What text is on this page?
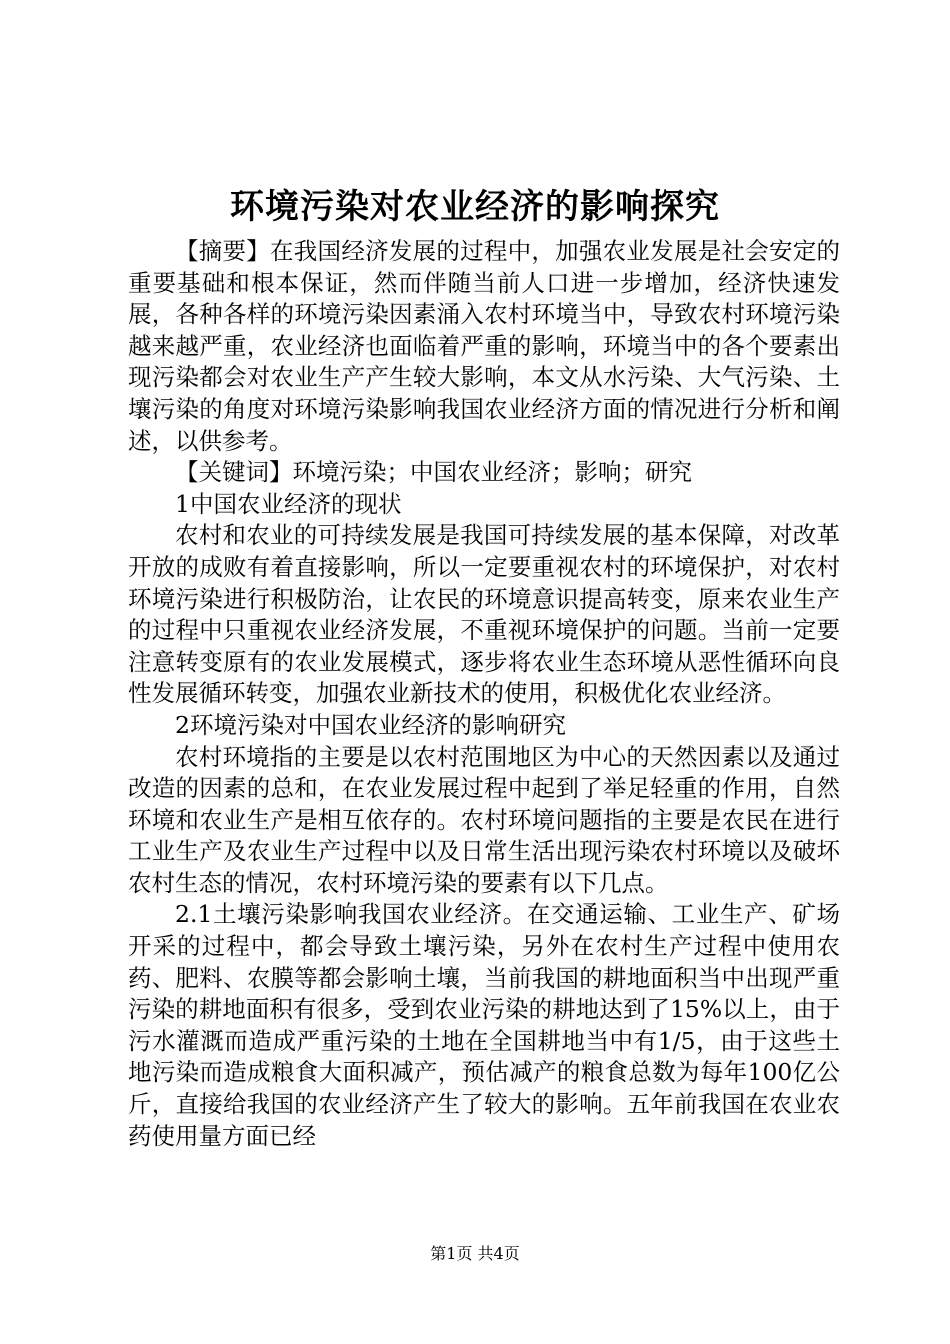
环境污染对农业经济的影响探究

【摘要】在我国经济发展的过程中，加强农业发展是社会安定的重要基础和根本保证，然而伴随当前人口进一步增加，经济快速发展，各种各样的环境污染因素涌入农村环境当中，导致农村环境污染越来越严重，农业经济也面临着严重的影响，环境当中的各个要素出现污染都会对农业生产产生较大影响，本文从水污染、大气污染、土壤污染的角度对环境污染影响我国农业经济方面的情况进行分析和阐述，以供参考。

【关键词】环境污染；中国农业经济；影响；研究

1中国农业经济的现状

农村和农业的可持续发展是我国可持续发展的基本保障，对改革开放的成败有着直接影响，所以一定要重视农村的环境保护，对农村环境污染进行积极防治，让农民的环境意识提高转变，原来农业生产的过程中只重视农业经济发展，不重视环境保护的问题。当前一定要注意转变原有的农业发展模式，逐步将农业生态环境从恶性循环向良性发展循环转变，加强农业新技术的使用，积极优化农业经济。

2环境污染对中国农业经济的影响研究

农村环境指的主要是以农村范围地区为中心的天然因素以及通过改造的因素的总和，在农业发展过程中起到了举足轻重的作用，自然环境和农业生产是相互依存的。农村环境问题指的主要是农民在进行工业生产及农业生产过程中以及日常生活出现污染农村环境以及破坏农村生态的情况，农村环境污染的要素有以下几点。

2.1土壤污染影响我国农业经济。在交通运输、工业生产、矿场开采的过程中，都会导致土壤污染，另外在农村生产过程中使用农药、肥料、农膜等都会影响土壤，当前我国的耕地面积当中出现严重污染的耕地面积有很多，受到农业污染的耕地达到了15%以上，由于污水灌溉而造成严重污染的土地在全国耕地当中有1/5，由于这些土地污染而造成粮食大面积减产，预估减产的粮食总数为每年100亿公斤，直接给我国的农业经济产生了较大的影响。五年前我国在农业农药使用量方面已经

第1页 共4页
